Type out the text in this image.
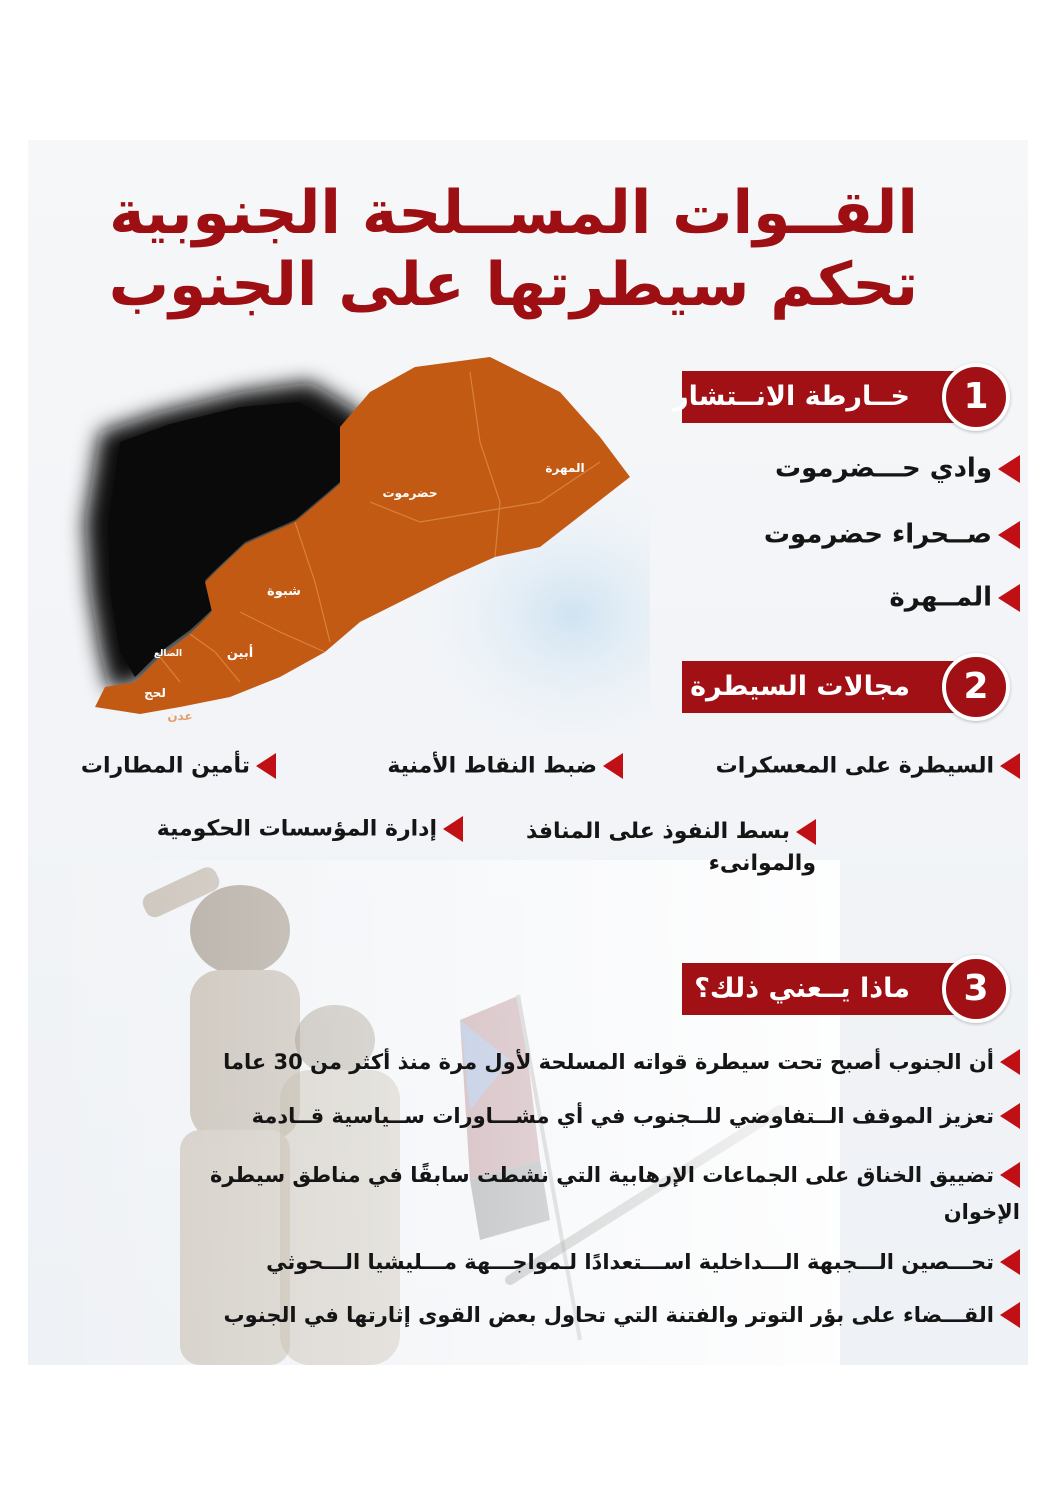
المهرة
حضرموت
شبوة
أبين
الضالع
لحج
عدن
القــوات المســلحة الجنوبية
تحكم سيطرتها على الجنوب
خــارطة الانــتشار	1
وادي حـــضرموت
صــحراء حضرموت
المــهرة
مجالات السيطرة	2
السيطرة على المعسكرات
ضبط النقاط الأمنية
تأمين المطارات
بسط النفوذ على المنافذ والموانىء
إدارة المؤسسات الحكومية
ماذا يــعني ذلك؟	3
أن الجنوب أصبح تحت سيطرة قواته المسلحة لأول مرة منذ أكثر من 30 عاما
تعزيز الموقف الــتفاوضي للــجنوب في أي مشـــاورات ســياسية قــادمة
تضييق الخناق على الجماعات الإرهابية التي نشطت سابقًا في مناطق سيطرة الإخوان
تحـــصين الـــجبهة الـــداخلية اســـتعدادًا لـمواجـــهة مـــليشيا الـــحوثي
القـــضاء على بؤر التوتر والفتنة التي تحاول بعض القوى إثارتها في الجنوب
